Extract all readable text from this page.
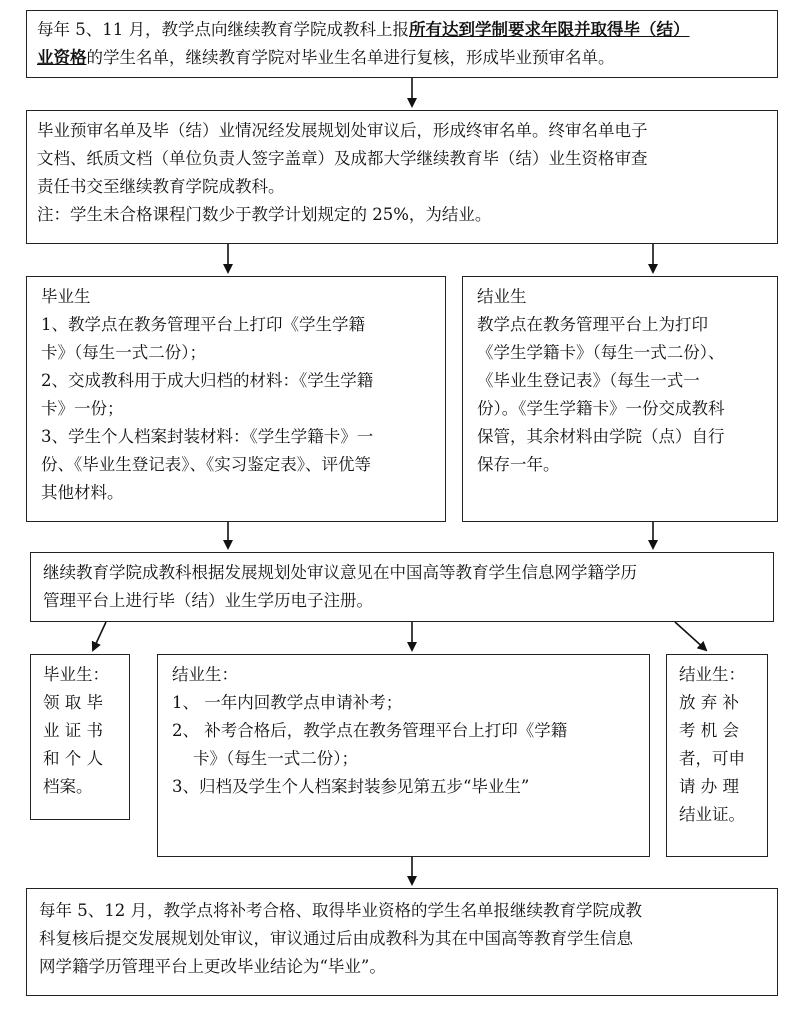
每年 5、11 月，教学点向继续教育学院成教科上报所有达到学制要求年限并取得毕（结）
业资格的学生名单，继续教育学院对毕业生名单进行复核，形成毕业预审名单。
毕业预审名单及毕（结）业情况经发展规划处审议后，形成终审名单。终审名单电子
文档、纸质文档（单位负责人签字盖章）及成都大学继续教育毕（结）业生资格审查
责任书交至继续教育学院成教科。
注：学生未合格课程门数少于教学计划规定的 25%，为结业。
毕业生
1、教学点在教务管理平台上打印《学生学籍
卡》（每生一式二份）；
2、交成教科用于成大归档的材料：《学生学籍
卡》一份；
3、学生个人档案封装材料：《学生学籍卡》一
份、《毕业生登记表》、《实习鉴定表》、评优等
其他材料。
结业生
教学点在教务管理平台上为打印
《学生学籍卡》（每生一式二份）、
《毕业生登记表》（每生一式一
份）。《学生学籍卡》一份交成教科
保管，其余材料由学院（点）自行
保存一年。
继续教育学院成教科根据发展规划处审议意见在中国高等教育学生信息网学籍学历
管理平台上进行毕（结）业生学历电子注册。
毕业生：
领 取 毕
业 证 书
和 个 人
档案。
结业生：
1、 一年内回教学点申请补考；
2、 补考合格后，教学点在教务管理平台上打印《学籍
卡》（每生一式二份）；
3、归档及学生个人档案封装参见第五步“毕业生”
结业生：
放 弃 补
考 机 会
者，可申
请 办 理
结业证。
每年 5、12 月，教学点将补考合格、取得毕业资格的学生名单报继续教育学院成教
科复核后提交发展规划处审议，审议通过后由成教科为其在中国高等教育学生信息
网学籍学历管理平台上更改毕业结论为“毕业”。
